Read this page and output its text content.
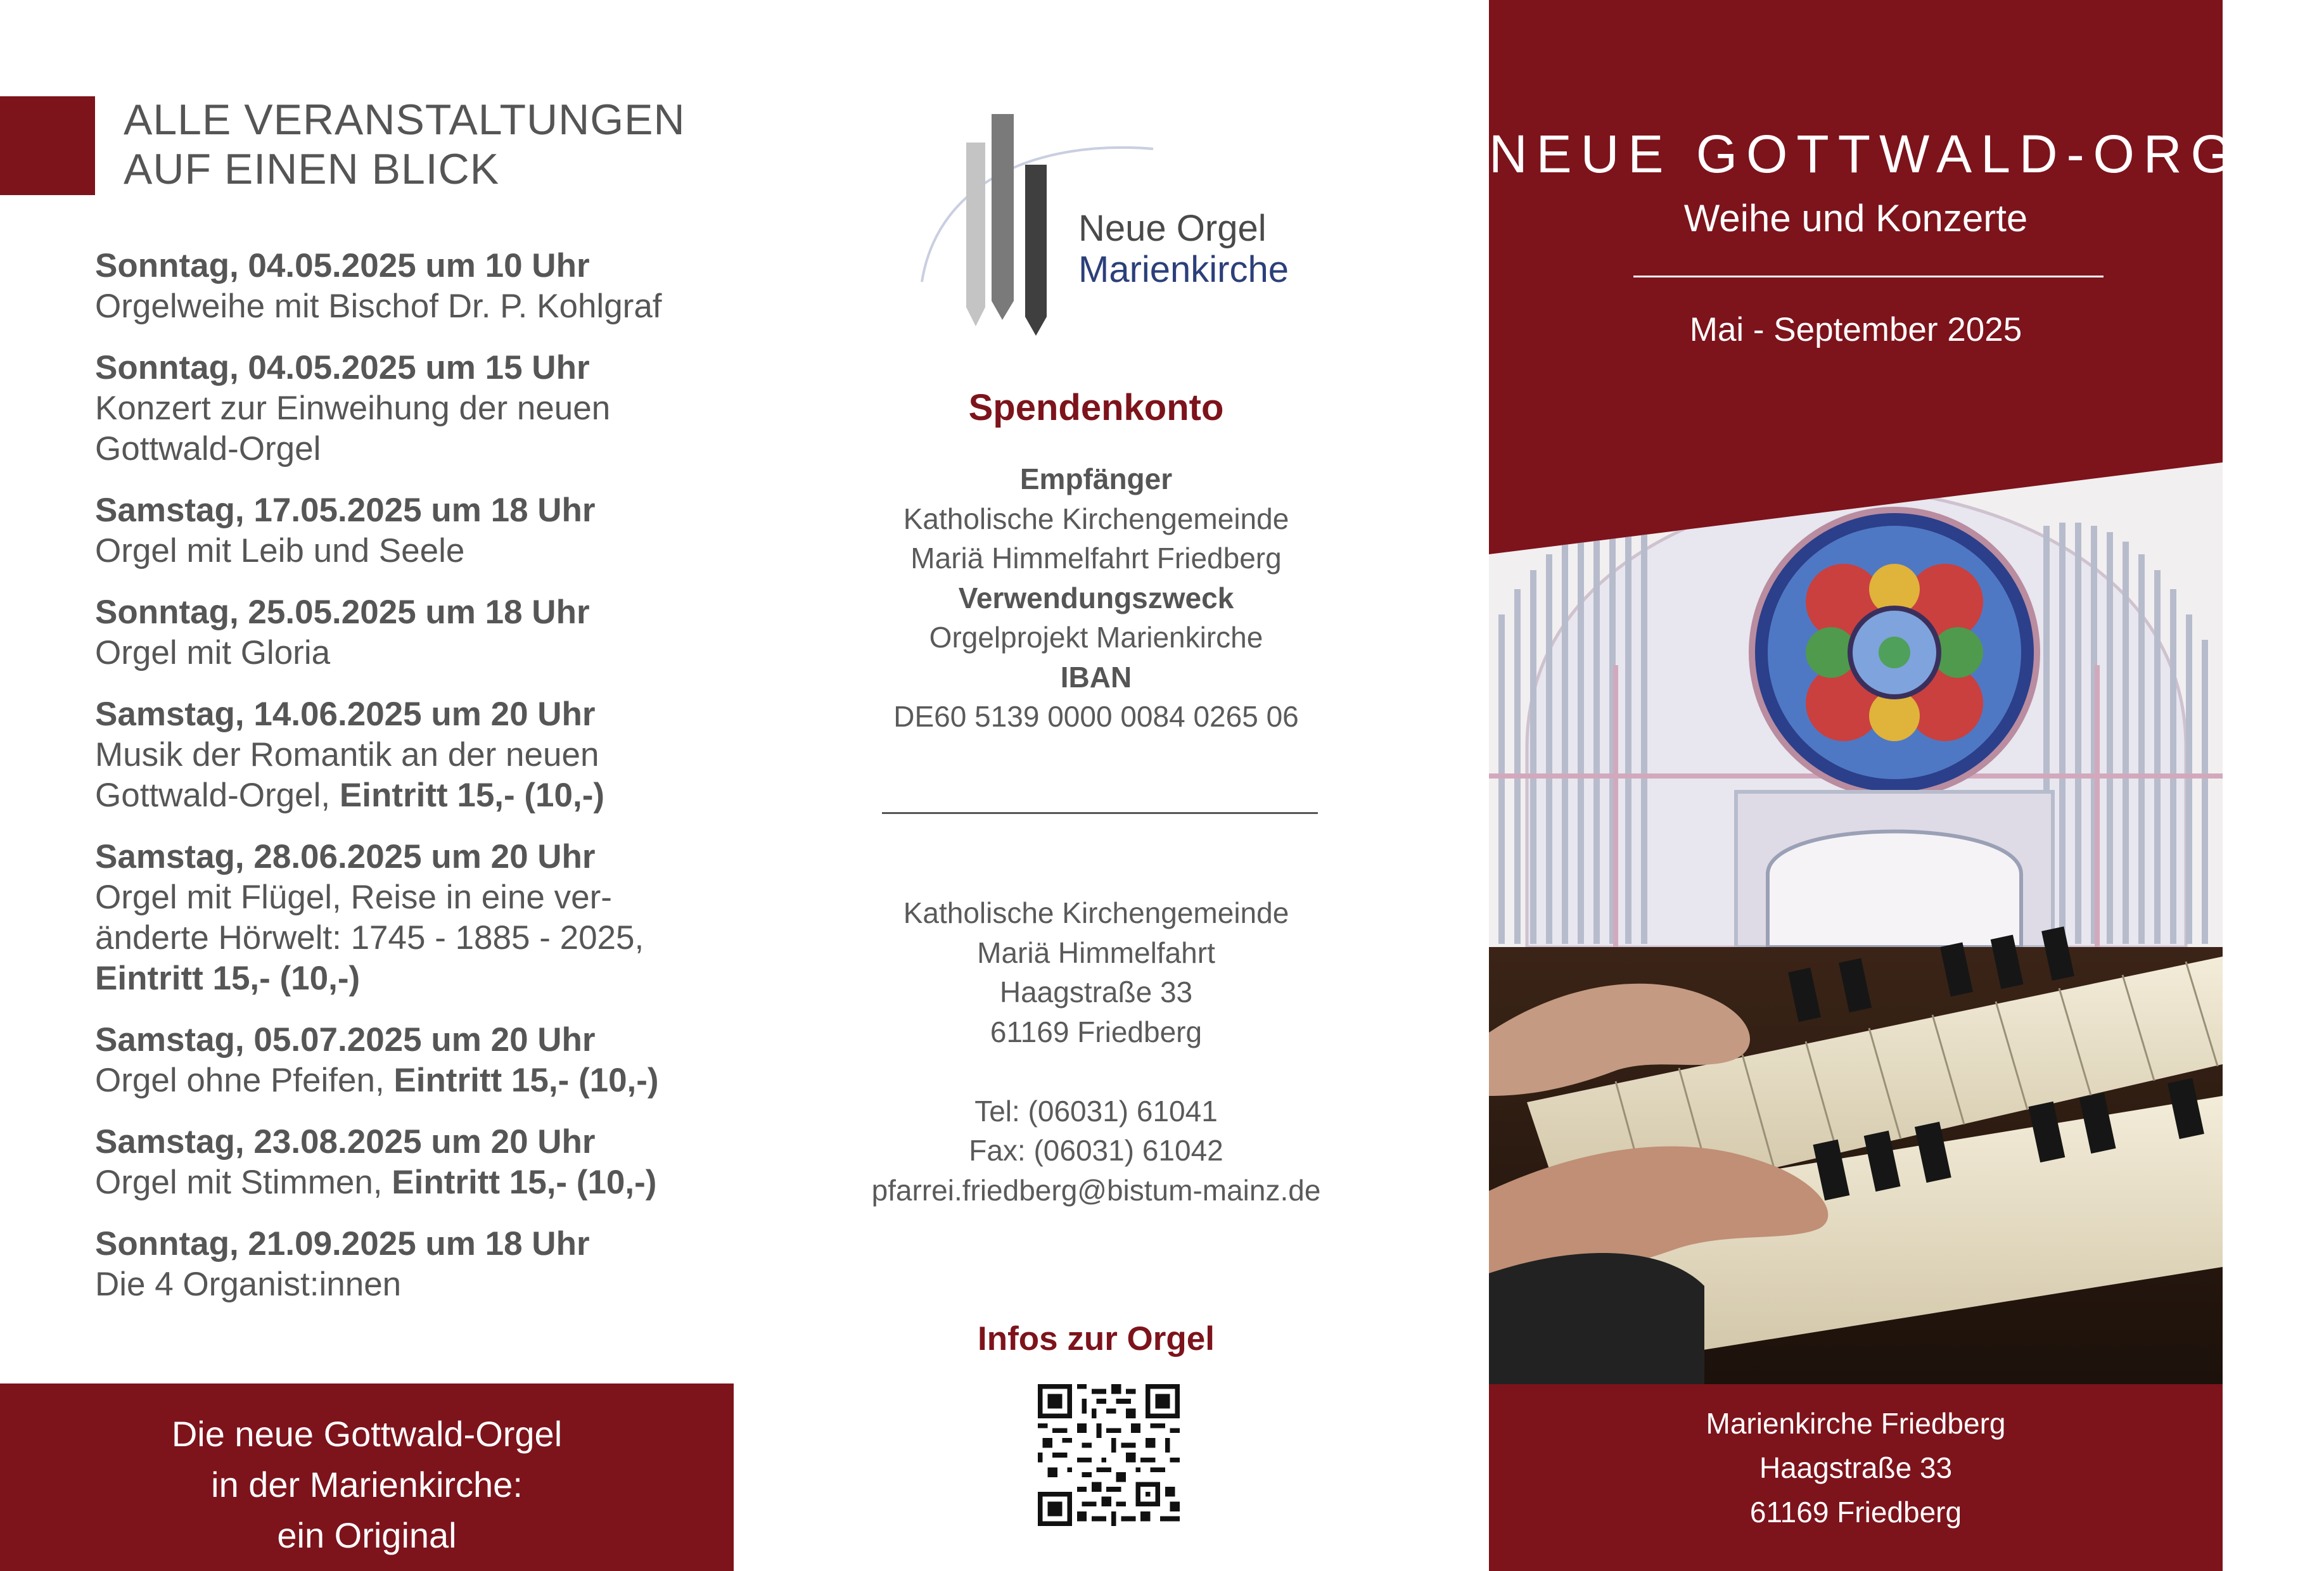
ALLE VERANSTALTUNGEN
AUF EINEN BLICK
Sonntag, 04.05.2025 um 10 Uhr
Orgelweihe mit Bischof Dr. P. Kohlgraf
Sonntag, 04.05.2025 um 15 Uhr
Konzert zur Einweihung der neuen
Gottwald-Orgel
Samstag, 17.05.2025 um 18 Uhr
Orgel mit Leib und Seele
Sonntag, 25.05.2025 um 18 Uhr
Orgel mit Gloria
Samstag, 14.06.2025 um 20 Uhr
Musik der Romantik an der neuen
Gottwald-Orgel, Eintritt 15,- (10,-)
Samstag, 28.06.2025 um 20 Uhr
Orgel mit Flügel, Reise in eine ver-
änderte Hörwelt: 1745 - 1885 - 2025,
Eintritt 15,- (10,-)
Samstag, 05.07.2025 um 20 Uhr
Orgel ohne Pfeifen, Eintritt 15,- (10,-)
Samstag, 23.08.2025 um 20 Uhr
Orgel mit Stimmen, Eintritt 15,- (10,-)
Sonntag, 21.09.2025 um 18 Uhr
Die 4 Organist:innen
Die neue Gottwald-Orgel
in der Marienkirche:
ein Original
Neue Orgel
Marienkirche
Spendenkonto
Empfänger
Katholische Kirchengemeinde
Mariä Himmelfahrt Friedberg
Verwendungszweck
Orgelprojekt Marienkirche
IBAN
DE60 5139 0000 0084 0265 06
Katholische Kirchengemeinde
Mariä Himmelfahrt
Haagstraße 33
61169 Friedberg
Tel: (06031) 61041
Fax: (06031) 61042
pfarrei.friedberg@bistum-mainz.de
Infos zur Orgel
NEUE GOTTWALD-ORGEL
Weihe und Konzerte
Mai - September 2025
Marienkirche Friedberg
Haagstraße 33
61169 Friedberg
